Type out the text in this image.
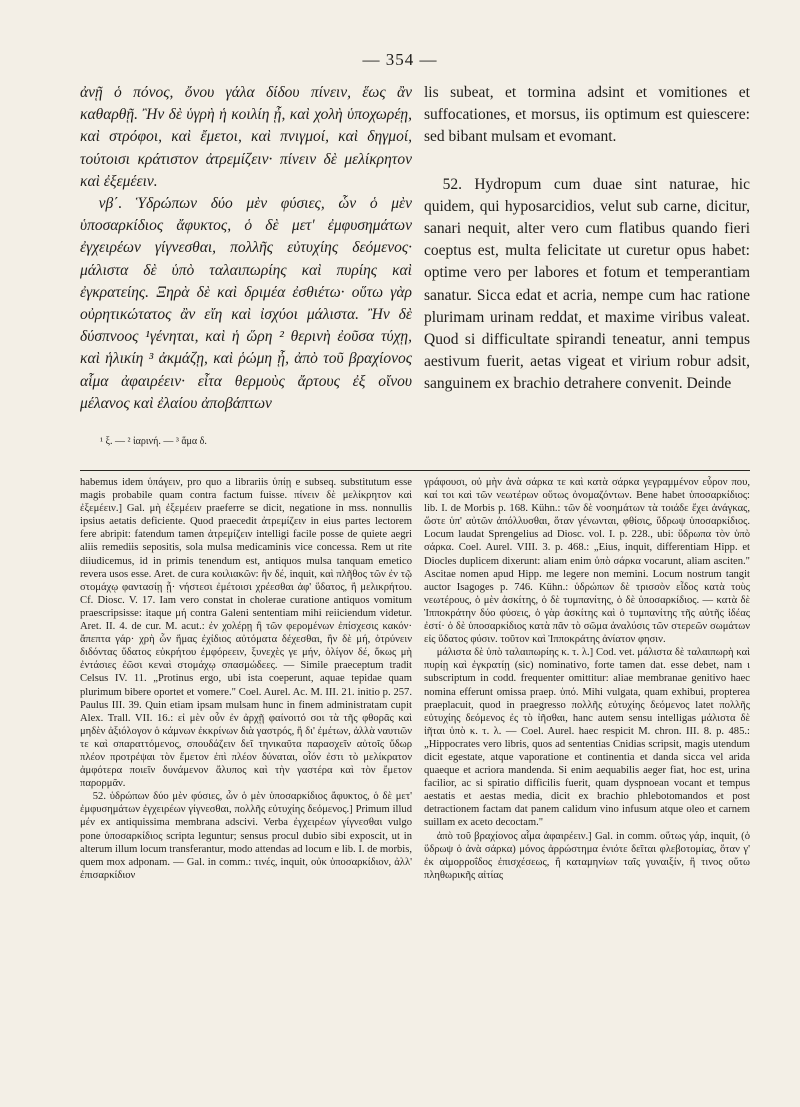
— 354 —

ἀνῇ ὁ πόνος, ὄνου γάλα δίδου πίνειν, ἕως ἂν καθαρθῇ. Ἢν δὲ ὑγρὴ ἡ κοιλίη ᾖ, καὶ χολὴ ὑποχωρέῃ, καὶ στρόφοι, καὶ ἔμετοι, καὶ πνιγμοί, καὶ δηγμοί, τούτοισι κράτιστον ἀτρεμίζειν· πίνειν δὲ μελίκρητον καὶ ἐξεμέειν.

νβ΄. Ὑδρώπων δύο μὲν φύσιες, ὧν ὁ μὲν ὑποσαρκίδιος ἄφυκτος, ὁ δὲ μετ' ἐμφυσημάτων ἐγχειρέων γίγνεσθαι, πολλῆς εὐτυχίης δεόμενος· μάλιστα δὲ ὑπὸ ταλαιπωρίης καὶ πυρίης καὶ ἐγκρατείης. Ξηρὰ δὲ καὶ δριμέα ἐσθιέτω· οὕτω γὰρ οὐρητικώτατος ἂν εἴη καὶ ἰσχύοι μάλιστα. Ἢν δὲ δύσπνοος ¹γένηται, καὶ ἡ ὥρη ² θερινὴ ἐοῦσα τύχῃ, καὶ ἡλικίη ³ ἀκμάζῃ, καὶ ῥώμη ᾖ, ἀπὸ τοῦ βραχίονος αἷμα ἀφαιρέειν· εἶτα θερμοὺς ἄρτους ἐξ οἴνου μέλανος καὶ ἐλαίου ἀποβάπτων

¹ ξ. — ² ἰαρινή. — ³ ἅμα δ.

lis subeat, et tormina adsint et vomitiones et suffocationes, et morsus, iis optimum est quiescere: sed bibant mulsam et evomant.

52. Hydropum cum duae sint naturae, hic quidem, qui hyposarcidios, velut sub carne, dicitur, sanari nequit, alter vero cum flatibus quando fieri coeptus est, multa felicitate ut curetur opus habet: optime vero per labores et fotum et temperantiam sanatur. Sicca edat et acria, nempe cum hac ratione plurimam urinam reddat, et maxime viribus valeat. Quod si difficultate spirandi teneatur, anni tempus aestivum fuerit, aetas vigeat et virium robur adsit, sanguinem ex brachio detrahere convenit. Deinde

habemus idem ὑπάγειν, pro quo a librariis ὑπίῃ e subseq. substitutum esse magis probabile quam contra factum fuisse. πίνειν δὲ μελίκρητον καὶ ἐξεμέειν.] Gal. μὴ ἐξεμέειν praeferre se dicit, negatione in mss. nonnullis ipsius aetatis deficiente. Quod praecedit ἀτρεμίζειν in eius partes lectorem fere abripit: fatendum tamen ἀτρεμίζειν intelligi facile posse de quiete aegri aliis remediis sepositis, sola mulsa medicaminis vice concessa. Rem ut rite diiudicemus, id in primis tenendum est, antiquos mulsa tanquam emetico revera usos esse. Aret. de cura κοιλιακῶν: ἢν δέ, inquit, καὶ πλῆθος τῶν ἐν τῷ στομάχῳ φαντασίῃ ᾖ· νήστεσι ἐμέτοισι χρέεσθαι ἀφ' ὕδατος, ἢ μελικρήτου. Cf. Diosc. V. 17. Iam vero constat in cholerae curatione antiquos vomitum praescripsisse: itaque μή contra Galeni sententiam mihi reiiciendum videtur. Aret. II. 4. de cur. M. acut.: ἐν χολέρῃ ἢ τῶν φερομένων ἐπίσχεσις κακόν· ἄπεπτα γάρ· χρὴ ὧν ἥμας ἐχίδιος αὐτόματα δέχεσθαι, ἢν δὲ μή, ὀτρύνειν διδόντας ὕδατος εὐκρήτου ἐμφόρεειν, ξυνεχὲς γε μήν, ὀλίγον δέ, ὅκως μὴ ἐντάσιες ἐῶσι κεναὶ στομάχῳ σπασμώδεες. — Simile praeceptum tradit Celsus IV. 11. „Protinus ergo, ubi ista coeperunt, aquae tepidae quam plurimum bibere oportet et vomere." Coel. Aurel. Ac. M. III. 21. initio p. 257. Paulus III. 39. Quin etiam ipsam mulsam hunc in finem administratam cupit Alex. Trall. VII. 16.: εἰ μὲν οὖν ἐν ἀρχῇ φαίνοιτό σοι τὰ τῆς φθορᾶς καὶ μηδὲν ἀξιόλογον ὁ κάμνων ἐκκρίνων διὰ γαστρός, ἢ δι' ἐμέτων, ἀλλὰ ναυτιῶν τε καὶ σπαραττόμενος, σπουδάζειν δεῖ τηνικαῦτα παρασχεῖν αὐτοῖς ὕδωρ πλέον προτρέψαι τὸν ἔμετον ἐπὶ πλέον δύναται, οἷόν ἐστι τὸ μελίκρατον ἀμφότερα ποιεῖν δυνάμενον ἄλυπος καὶ τὴν γαστέρα καὶ τὸν ἔμετον παρορμᾶν.

52. ὑδρώπων δύο μὲν φύσιες, ὧν ὁ μὲν ὑποσαρκίδιος ἄφυκτος, ὁ δὲ μετ' ἐμφυσημάτων ἐγχειρέων γίγνεσθαι, πολλῆς εὐτυχίης δεόμενος.] Primum illud μέν ex antiquissima membrana adscivi. Verba ἐγχειρέων γίγνεσθαι vulgo pone ὑποσαρκίδιος scripta leguntur; sensus procul dubio sibi exposcit, ut in alterum illum locum transferantur, modo attendas ad locum e lib. I. de morbis, quem mox adponam. — Gal. in comm.: τινές, inquit, οὐκ ὑποσαρκίδιον, ἀλλ' ἐπισαρκίδιον

γράφουσι, οὐ μὴν ἀνὰ σάρκα τε καὶ κατὰ σάρκα γεγραμμένον εὗρον που, καί τοι καὶ τῶν νεωτέρων οὕτως ὀνομαζόντων. Bene habet ὑποσαρκίδιος: lib. I. de Morbis p. 168. Kühn.: τῶν δὲ νοσημάτων τὰ τοιάδε ἔχει ἀνάγκας, ὥστε ὑπ' αὐτῶν ἀπόλλυσθαι, ὅταν γένωνται, φθίσις, ὕδρωψ ὑποσαρκίδιος. Locum laudat Sprengelius ad Diosc. vol. I. p. 228., ubi: ὕδρωπα τὸν ὑπὸ σάρκα. Coel. Aurel. VIII. 3. p. 468.: „Eius, inquit, differentiam Hipp. et Diocles duplicem dixerunt: aliam enim ὑπὸ σάρκα vocarunt, aliam asciten." Ascitae nomen apud Hipp. me legere non memini. Locum nostrum tangit auctor Isagoges p. 746. Kühn.: ὑδρώπων δὲ τρισσὸν εἶδος κατὰ τοὺς νεωτέρους, ὁ μὲν ἀσκίτης, ὁ δὲ τυμπανίτης, ὁ δὲ ὑποσαρκίδιος. — κατὰ δὲ Ἱπποκράτην δύο φύσεις, ὁ γὰρ ἀσκίτης καὶ ὁ τυμπανίτης τῆς αὐτῆς ἰδέας ἐστί· ὁ δὲ ὑποσαρκίδιος κατὰ πᾶν τὸ σῶμα ἀναλύσις τῶν στερεῶν σωμάτων εἰς ὕδατος φύσιν. τοῦτον καὶ Ἱπποκράτης ἀνίατον φησιν.

μάλιστα δὲ ὑπὸ ταλαιπωρίης κ. τ. λ.] Cod. vet. μάλιστα δὲ ταλαιπωρὴ καὶ πυρίῃ καὶ ἐγκρατίῃ (sic) nominativo, forte tamen dat. esse debet, nam ι subscriptum in codd. frequenter omittitur: aliae membranae genitivo haec nomina efferunt omissa praep. ὑπό. Mihi vulgata, quam exhibui, propterea praeplacuit, quod in praegresso πολλῆς εὐτυχίης δεόμενος latet πολλῆς εὐτυχίης δεόμενος ἐς τὸ ἰῆσθαι, hanc autem sensu intelligas μάλιστα δὲ ἰῆται ὑπὸ κ. τ. λ. — Coel. Aurel. haec respicit M. chron. III. 8. p. 485.: „Hippocrates vero libris, quos ad sententias Cnidias scripsit, magis utendum dicit egestate, atque vaporatione et continentia et danda sicca vel arida quaeque et acriora mandenda. Si enim aequabilis aeger fiat, hoc est, urina facilior, ac si spiratio difficilis fuerit, quam dyspnoean vocant et tempus aestatis et aestas media, dicit ex brachio phlebotomandos et post detractionem factam dat panem calidum vino infusum atque oleo et carnem suillam ex aceto decoctam."

ἀπὸ τοῦ βραχίονος αἷμα ἀφαιρέειν.] Gal. in comm. οὕτως γάρ, inquit, (ὁ ὕδρωψ ὁ ἀνὰ σάρκα) μόνος ἀρρώστημα ἐνιότε δεῖται φλεβοτομίας, ὅταν γ' ἐκ αἱμορροΐδος ἐπισχέσεως, ἢ καταμηνίων ταῖς γυναιξίν, ἢ τινος οὕτω πληθωρικῆς αἰτίας
